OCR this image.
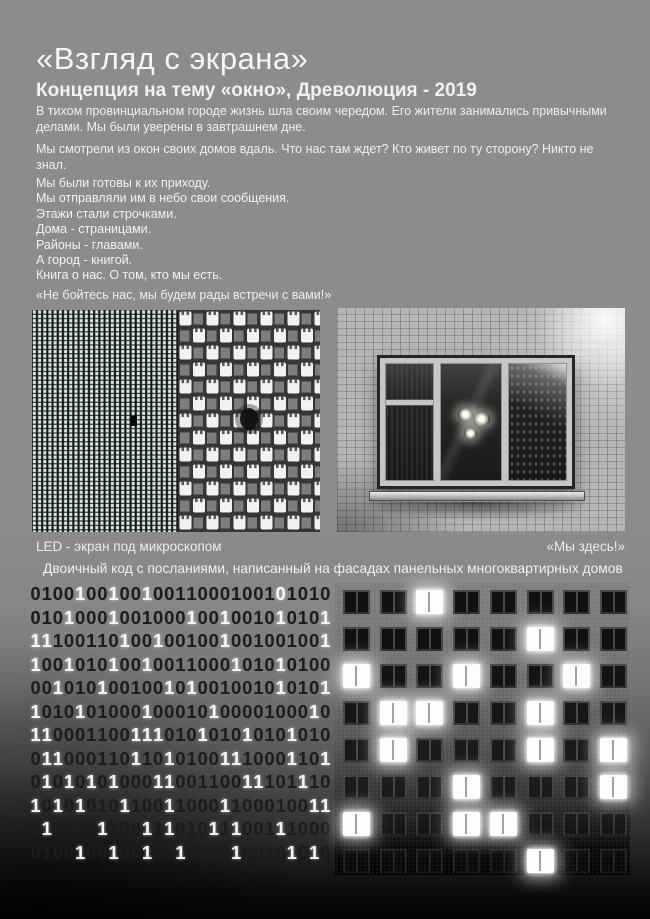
«Взгляд с экрана»
Концепция на тему «окно», Древолюция - 2019

В тихом провинциальном городе жизнь шла своим чередом. Его жители занимались привычными делами. Мы были уверены в завтрашнем дне.

Мы смотрели из окон своих домов вдаль. Что нас там ждет? Кто живет по ту сторону? Никто не знал.

Мы были готовы к их приходу.
Мы отправляли им в небо свои сообщения.
Этажи стали строчками.
Дома - страницами.
Районы - главами.
А город - книгой.
Книга о нас. О том, кто мы есть.

«Не бойтесь нас, мы будем рады встречи с вами!»

LED - экран под микроскопом	«Мы здесь!»
Двоичный код с посланиями, написанный на фасадах панельных многоквартирных домов
010010010010011000100101010
010100010010001001001010101
111001101001001001001001001
100101010010011000101010100
001010100100101001001010101
101010100010001010000100010
110001100111010101010101010
011000110110101001110001101
010101010001100110011101110
101010101100110001100010011
010100110011101011100111000
010010010010011000100101010
